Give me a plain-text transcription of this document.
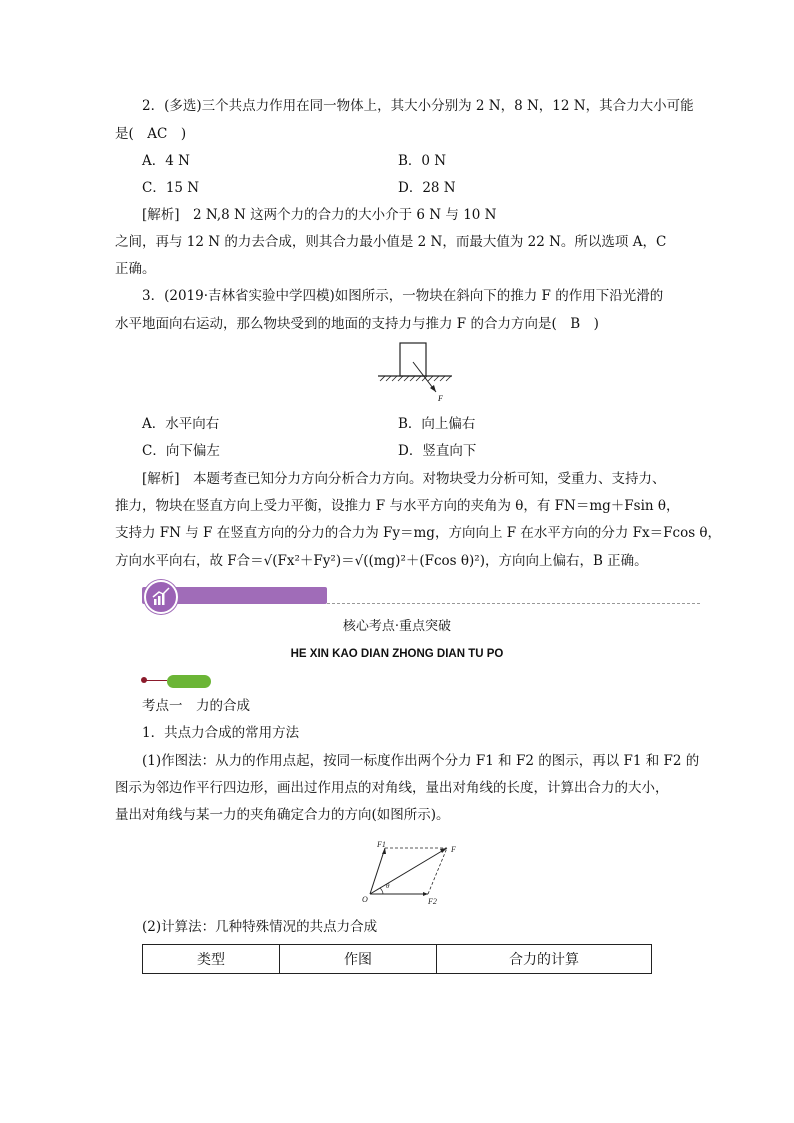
2．(多选)三个共点力作用在同一物体上，其大小分别为 2 N，8 N，12 N，其合力大小可能
是(　AC　)
A．4 N	B．0 N
C．15 N	D．28 N
[解析]　2 N,8 N 这两个力的合力的大小介于 6 N 与 10 N
之间，再与 12 N 的力去合成，则其合力最小值是 2 N，而最大值为 22 N。所以选项 A，C
正确。
3．(2019·吉林省实验中学四模)如图所示，一物块在斜向下的推力 F 的作用下沿光滑的
水平地面向右运动，那么物块受到的地面的支持力与推力 F 的合力方向是(　B　)
F
A．水平向右	B．向上偏右
C．向下偏左	D．竖直向下
[解析]　本题考查已知分力方向分析合力方向。对物块受力分析可知，受重力、支持力、
推力，物块在竖直方向上受力平衡，设推力 F 与水平方向的夹角为 θ，有 FN＝mg＋Fsin θ，
支持力 FN 与 F 在竖直方向的分力的合力为 Fy＝mg，方向向上 F 在水平方向的分力 Fx＝Fcos θ，
方向水平向右，故 F合＝√(Fx²＋Fy²)＝√((mg)²＋(Fcos θ)²)，方向向上偏右，B 正确。
核心考点·重点突破
HE XIN KAO DIAN ZHONG DIAN TU PO
考点一　力的合成
1．共点力合成的常用方法
(1)作图法：从力的作用点起，按同一标度作出两个分力 F1 和 F2 的图示，再以 F1 和 F2 的
图示为邻边作平行四边形，画出过作用点的对角线，量出对角线的长度，计算出合力的大小，
量出对角线与某一力的夹角确定合力的方向(如图所示)。
F1
F
O	F2
θ
(2)计算法：几种特殊情况的共点力合成
类型	作图	合力的计算
